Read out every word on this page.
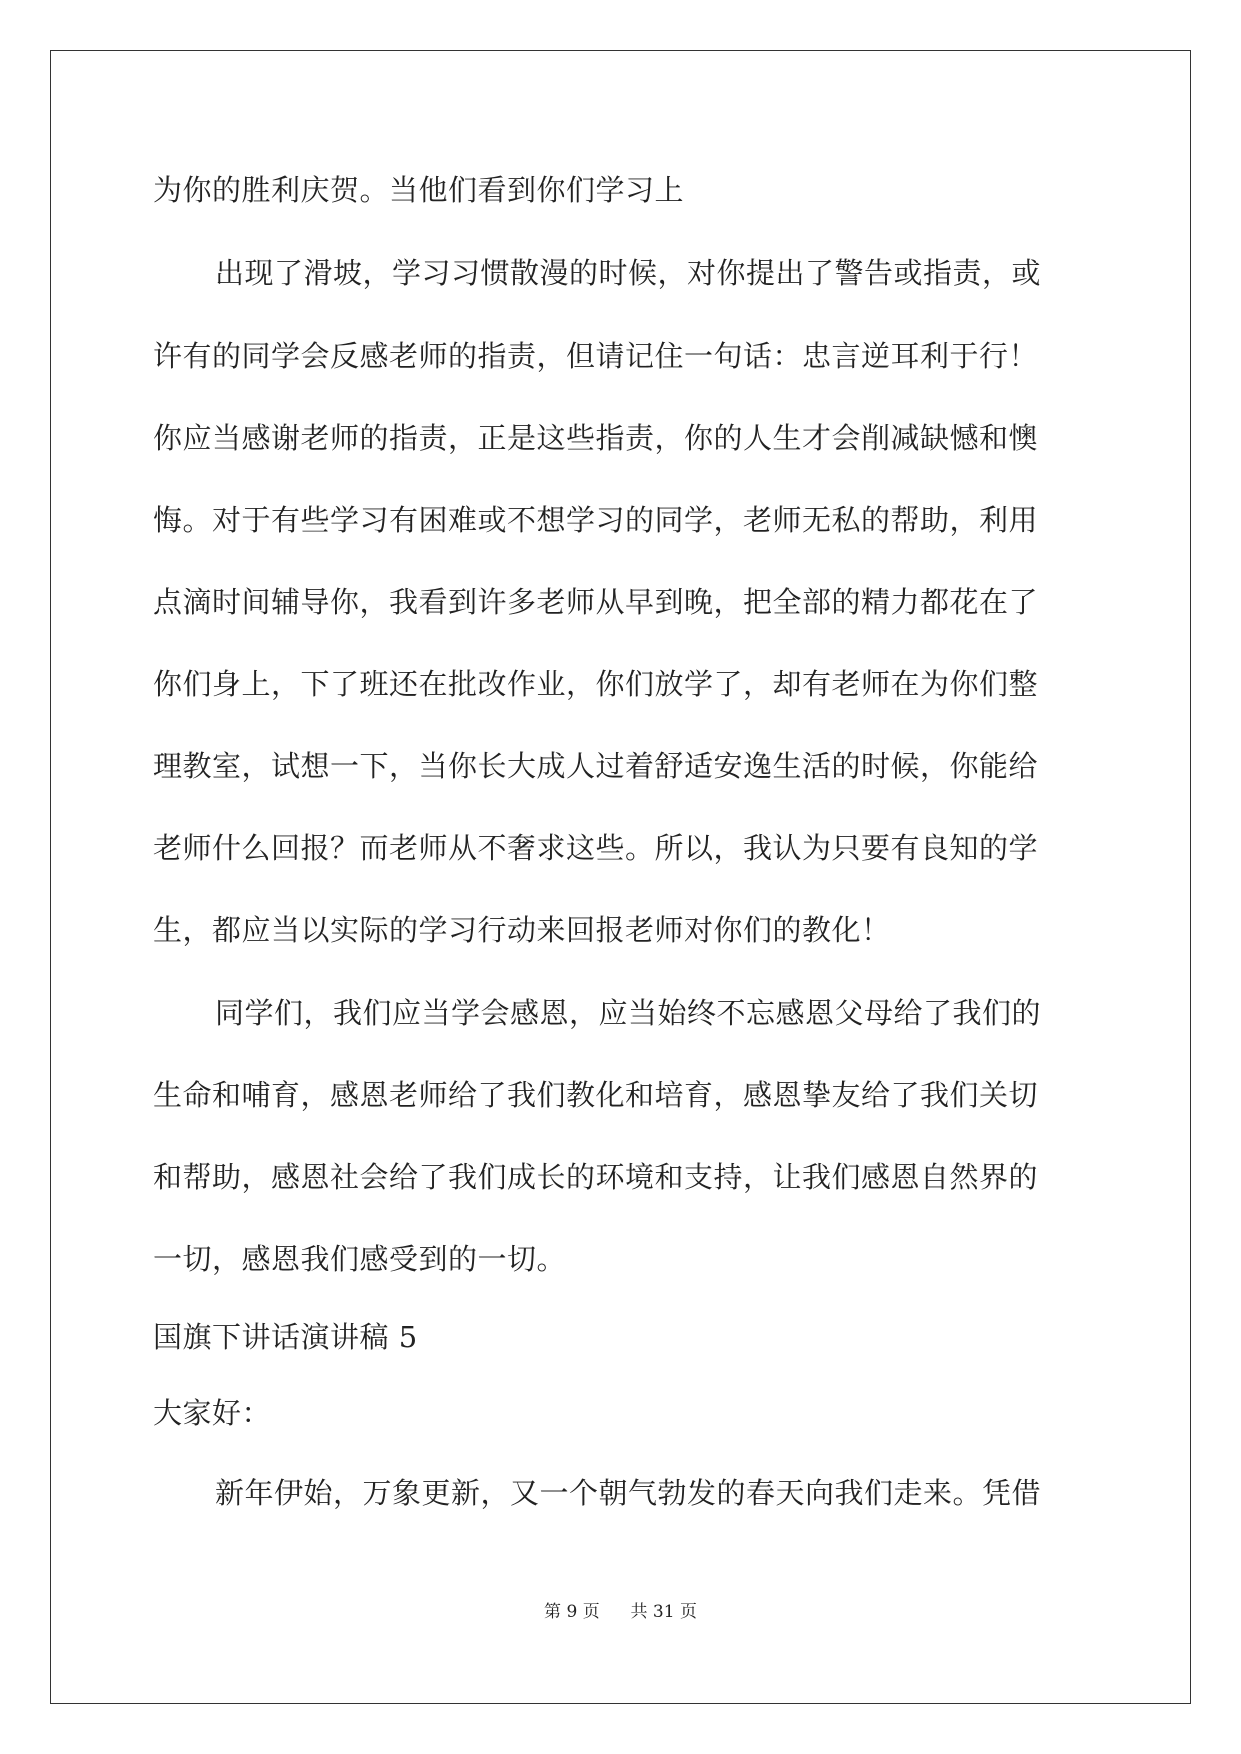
为你的胜利庆贺。当他们看到你们学习上
出现了滑坡，学习习惯散漫的时候，对你提出了警告或指责，或
许有的同学会反感老师的指责，但请记住一句话：忠言逆耳利于行！
你应当感谢老师的指责，正是这些指责，你的人生才会削减缺憾和懊
悔。对于有些学习有困难或不想学习的同学，老师无私的帮助，利用
点滴时间辅导你，我看到许多老师从早到晚，把全部的精力都花在了
你们身上，下了班还在批改作业，你们放学了，却有老师在为你们整
理教室，试想一下，当你长大成人过着舒适安逸生活的时候，你能给
老师什么回报？而老师从不奢求这些。所以，我认为只要有良知的学
生，都应当以实际的学习行动来回报老师对你们的教化！
同学们，我们应当学会感恩，应当始终不忘感恩父母给了我们的
生命和哺育，感恩老师给了我们教化和培育，感恩挚友给了我们关切
和帮助，感恩社会给了我们成长的环境和支持，让我们感恩自然界的
一切，感恩我们感受到的一切。
国旗下讲话演讲稿 5
大家好：
新年伊始，万象更新，又一个朝气勃发的春天向我们走来。凭借
第 9 页 共 31 页
